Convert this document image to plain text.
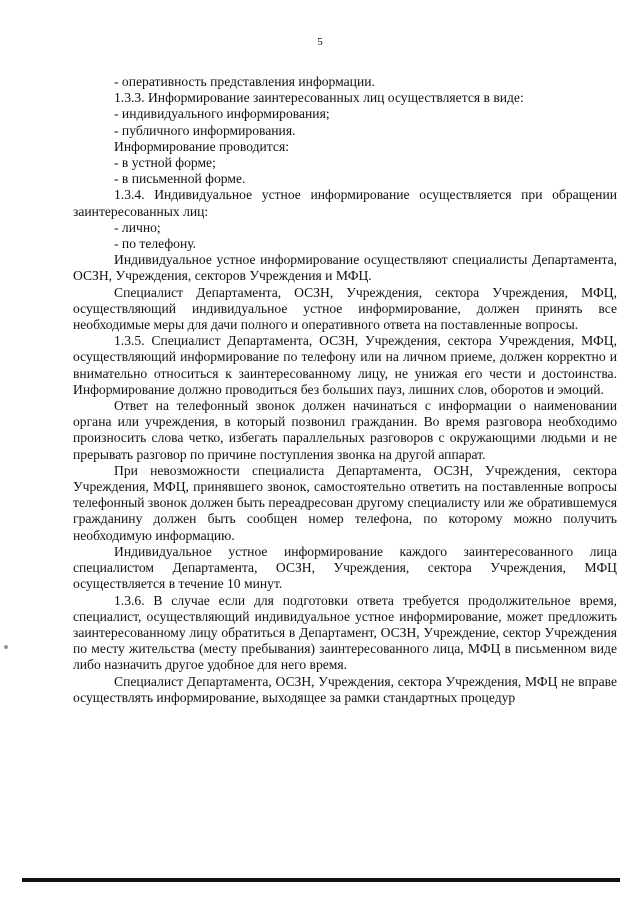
5

- оперативность представления информации.

1.3.3. Информирование заинтересованных лиц осуществляется в виде:

- индивидуального информирования;

- публичного информирования.

Информирование проводится:

- в устной форме;

- в письменной форме.

1.3.4. Индивидуальное устное информирование осуществляется при обращении заинтересованных лиц:

- лично;

- по телефону.

Индивидуальное устное информирование осуществляют специалисты Департамента, ОСЗН, Учреждения, секторов Учреждения и МФЦ.

Специалист Департамента, ОСЗН, Учреждения, сектора Учреждения, МФЦ, осуществляющий индивидуальное устное информирование, должен принять все необходимые меры для дачи полного и оперативного ответа на поставленные вопросы.

1.3.5. Специалист Департамента, ОСЗН, Учреждения, сектора Учреждения, МФЦ, осуществляющий информирование по телефону или на личном приеме, должен корректно и внимательно относиться к заинтересованному лицу, не унижая его чести и достоинства. Информирование должно проводиться без больших пауз, лишних слов, оборотов и эмоций.

Ответ на телефонный звонок должен начинаться с информации о наименовании органа или учреждения, в который позвонил гражданин. Во время разговора необходимо произносить слова четко, избегать параллельных разговоров с окружающими людьми и не прерывать разговор по причине поступления звонка на другой аппарат.

При невозможности специалиста Департамента, ОСЗН, Учреждения, сектора Учреждения, МФЦ, принявшего звонок, самостоятельно ответить на поставленные вопросы телефонный звонок должен быть переадресован другому специалисту или же обратившемуся гражданину должен быть сообщен номер телефона, по которому можно получить необходимую информацию.

Индивидуальное устное информирование каждого заинтересованного лица специалистом Департамента, ОСЗН, Учреждения, сектора Учреждения, МФЦ осуществляется в течение 10 минут.

1.3.6. В случае если для подготовки ответа требуется продолжительное время, специалист, осуществляющий индивидуальное устное информирование, может предложить заинтересованному лицу обратиться в Департамент, ОСЗН, Учреждение, сектор Учреждения по месту жительства (месту пребывания) заинтересованного лица, МФЦ в письменном виде либо назначить другое удобное для него время.

Специалист Департамента, ОСЗН, Учреждения, сектора Учреждения, МФЦ не вправе осуществлять информирование, выходящее за рамки стандартных процедур
